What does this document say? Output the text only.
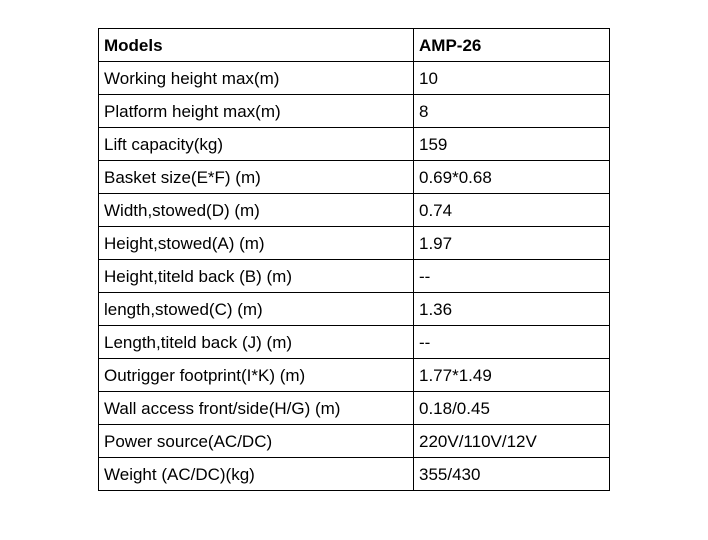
Models	AMP-26
Working height max(m)	10
Platform height max(m)	8
Lift capacity(kg)	159
Basket size(E*F) (m)	0.69*0.68
Width,stowed(D) (m)	0.74
Height,stowed(A) (m)	1.97
Height,titeld back (B) (m)	--
length,stowed(C) (m)	1.36
Length,titeld back (J) (m)	--
Outrigger footprint(I*K) (m)	1.77*1.49
Wall access front/side(H/G) (m)	0.18/0.45
Power source(AC/DC)	220V/110V/12V
Weight (AC/DC)(kg)	355/430
